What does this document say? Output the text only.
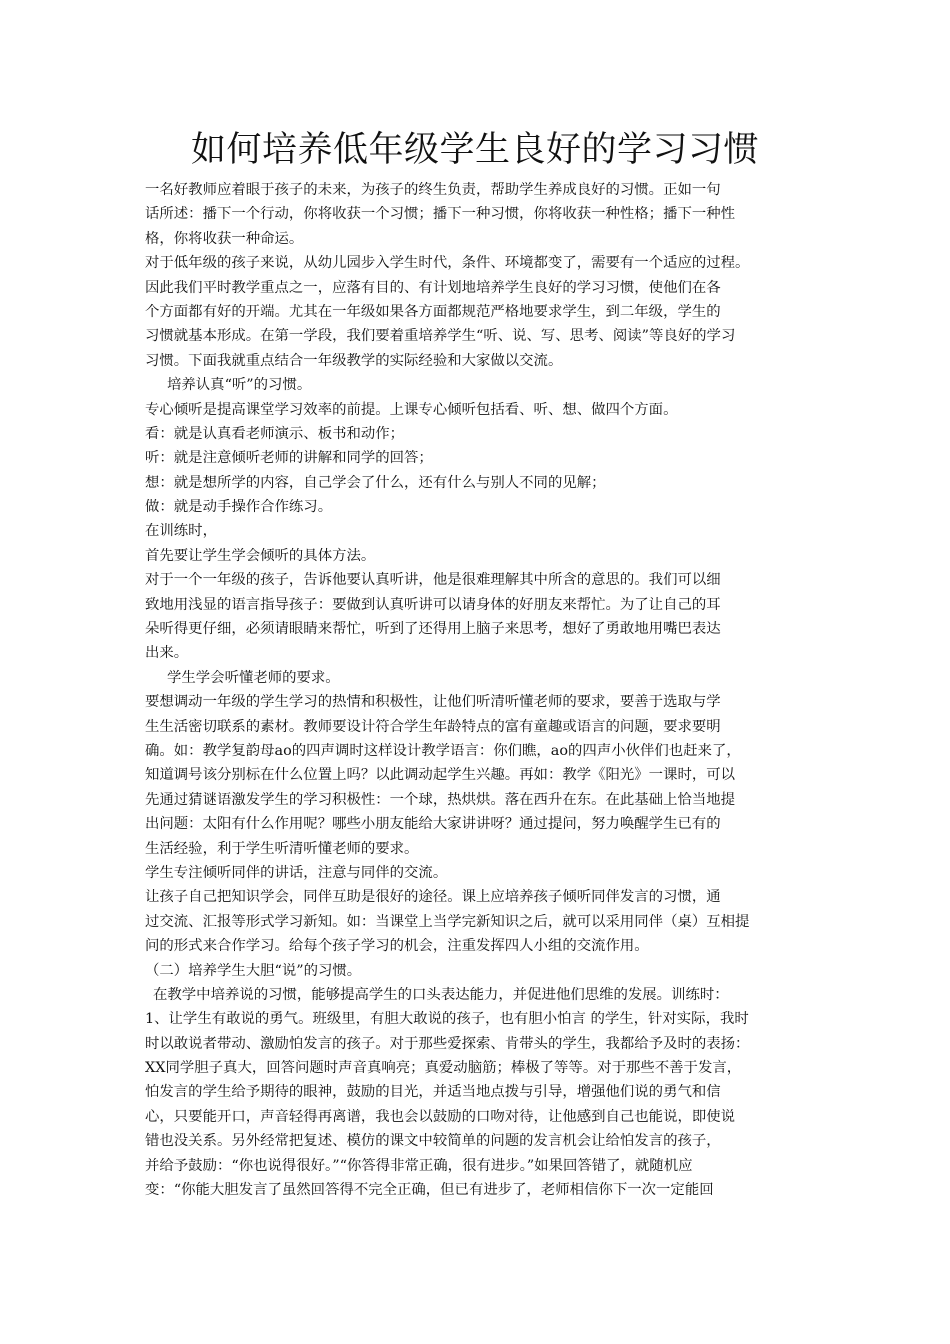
如何培养低年级学生良好的学习习惯
一名好教师应着眼于孩子的未来，为孩子的终生负责，帮助学生养成良好的习惯。正如一句
话所述：播下一个行动，你将收获一个习惯；播下一种习惯，你将收获一种性格；播下一种性
格，你将收获一种命运。
对于低年级的孩子来说，从幼儿园步入学生时代，条件、环境都变了，需要有一个适应的过程。
因此我们平时教学重点之一，应落有目的、有计划地培养学生良好的学习习惯，使他们在各
个方面都有好的开端。尤其在一年级如果各方面都规范严格地要求学生，到二年级，学生的
习惯就基本形成。在第一学段，我们要着重培养学生“听、说、写、思考、阅读”等良好的学习
习惯。下面我就重点结合一年级教学的实际经验和大家做以交流。
培养认真“听”的习惯。
专心倾听是提高课堂学习效率的前提。上课专心倾听包括看、听、想、做四个方面。
看：就是认真看老师演示、板书和动作；
听：就是注意倾听老师的讲解和同学的回答；
想：就是想所学的内容，自己学会了什么，还有什么与别人不同的见解；
做：就是动手操作合作练习。
在训练时，
首先要让学生学会倾听的具体方法。
对于一个一年级的孩子，告诉他要认真听讲，他是很难理解其中所含的意思的。我们可以细
致地用浅显的语言指导孩子：要做到认真听讲可以请身体的好朋友来帮忙。为了让自己的耳
朵听得更仔细，必须请眼睛来帮忙，听到了还得用上脑子来思考，想好了勇敢地用嘴巴表达
出来。
学生学会听懂老师的要求。
要想调动一年级的学生学习的热情和积极性，让他们听清听懂老师的要求，要善于选取与学
生生活密切联系的素材。教师要设计符合学生年龄特点的富有童趣或语言的问题，要求要明
确。如：教学复韵母ao的四声调时这样设计教学语言：你们瞧，ao的四声小伙伴们也赶来了，
知道调号该分别标在什么位置上吗？以此调动起学生兴趣。再如：教学《阳光》一课时，可以
先通过猜谜语激发学生的学习积极性：一个球，热烘烘。落在西升在东。在此基础上恰当地提
出问题：太阳有什么作用呢？哪些小朋友能给大家讲讲呀？通过提问，努力唤醒学生已有的
生活经验，利于学生听清听懂老师的要求。
学生专注倾听同伴的讲话，注意与同伴的交流。
让孩子自己把知识学会，同伴互助是很好的途径。课上应培养孩子倾听同伴发言的习惯，通
过交流、汇报等形式学习新知。如：当课堂上当学完新知识之后，就可以采用同伴（桌）互相提
问的形式来合作学习。给每个孩子学习的机会，注重发挥四人小组的交流作用。
（二）培养学生大胆“说”的习惯。
在教学中培养说的习惯，能够提高学生的口头表达能力，并促进他们思维的发展。训练时：
1、让学生有敢说的勇气。班级里，有胆大敢说的孩子，也有胆小怕言 的学生，针对实际，我时
时以敢说者带动、激励怕发言的孩子。对于那些爱探索、肯带头的学生，我都给予及时的表扬：
XX同学胆子真大，回答问题时声音真响亮；真爱动脑筋；棒极了等等。对于那些不善于发言，
怕发言的学生给予期待的眼神，鼓励的目光，并适当地点拨与引导，增强他们说的勇气和信
心，只要能开口，声音轻得再离谱，我也会以鼓励的口吻对待，让他感到自己也能说，即使说
错也没关系。另外经常把复述、模仿的课文中较简单的问题的发言机会让给怕发言的孩子，
并给予鼓励：“你也说得很好。”“你答得非常正确，很有进步。”如果回答错了，就随机应
变：“你能大胆发言了虽然回答得不完全正确，但已有进步了，老师相信你下一次一定能回
